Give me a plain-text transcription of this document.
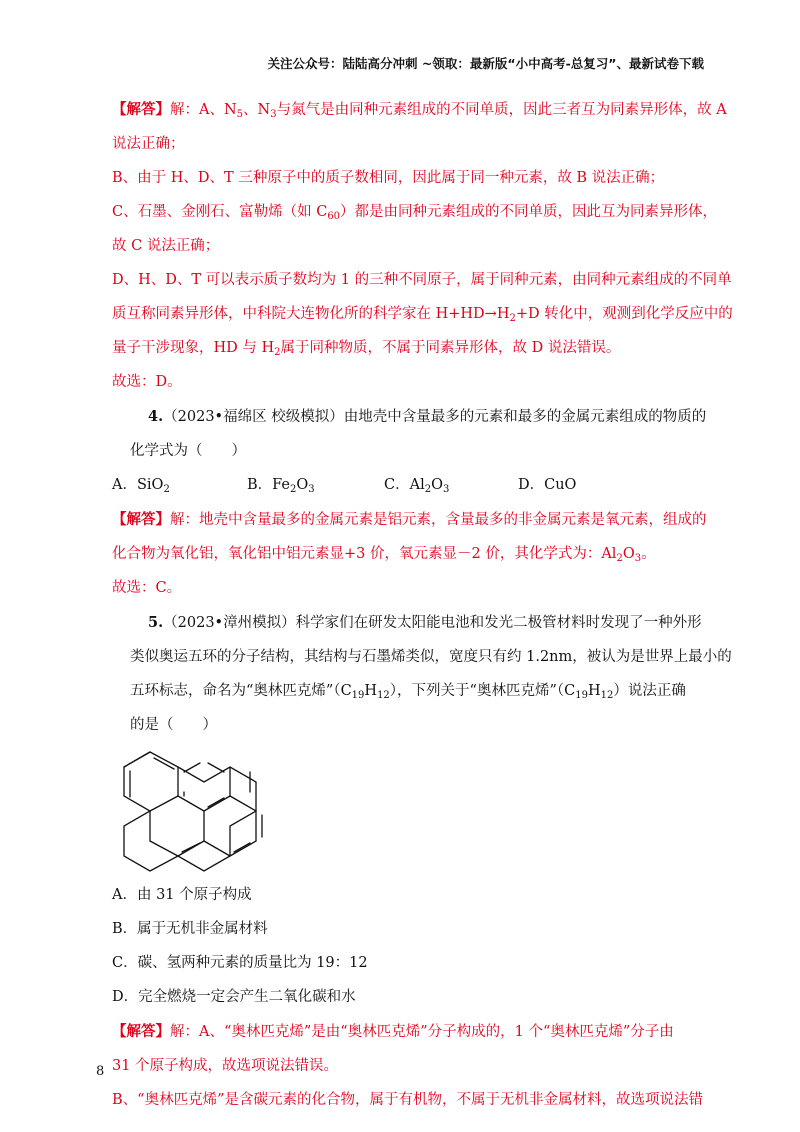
关注公众号：陆陆高分冲刺 ~领取：最新版“小中高考-总复习”、最新试卷下载
【解答】解：A、$N_5$、$N_3$与氮气是由同种元素组成的不同单质，因此三者互为同素异形体，故 A
说法正确；
B、由于 H、D、T 三种原子中的质子数相同，因此属于同一种元素，故 B 说法正确；
C、石墨、金刚石、富勒烯（如 $C_{60}$）都是由同种元素组成的不同单质，因此互为同素异形体，
故 C 说法正确；
D、H、D、T 可以表示质子数均为 1 的三种不同原子，属于同种元素，由同种元素组成的不同单
质互称同素异形体，中科院大连物化所的科学家在 $H+HD\to H_2+D$ 转化中，观测到化学反应中的
量子干涉现象，HD 与 $H_2$属于同种物质，不属于同素异形体，故 D 说法错误。
故选：D。
4.（2023•福绵区 校级模拟）由地壳中含量最多的元素和最多的金属元素组成的物质的
化学式为（　　）
A．SiO$_2$	B．$Fe_2O_3$	C．$Al_2O_3$	D．CuO
【解答】解：地壳中含量最多的金属元素是铝元素，含量最多的非金属元素是氧元素，组成的
化合物为氧化铝，氧化铝中铝元素显+3 价，氧元素显－2 价，其化学式为：$Al_2O_3$。
故选：C。
5.（2023•漳州模拟）科学家们在研发太阳能电池和发光二极管材料时发现了一种外形
类似奥运五环的分子结构，其结构与石墨烯类似，宽度只有约 1.2nm，被认为是世界上最小的
五环标志，命名为“奥林匹克烯$”(C_{19}H_{12})$，下列关于“奥林匹克烯$”(C_{19}H_{12})$说法正确
的是（　　）
A．由 31 个原子构成
B．属于无机非金属材料
C．碳、氢两种元素的质量比为 19：12
D．完全燃烧一定会产生二氧化碳和水
【解答】解：A、“奥林匹克烯”是由“奥林匹克烯”分子构成的，1 个“奥林匹克烯”分子由
31 个原子构成，故选项说法错误。
B、“奥林匹克烯”是含碳元素的化合物，属于有机物，不属于无机非金属材料，故选项说法错
8
